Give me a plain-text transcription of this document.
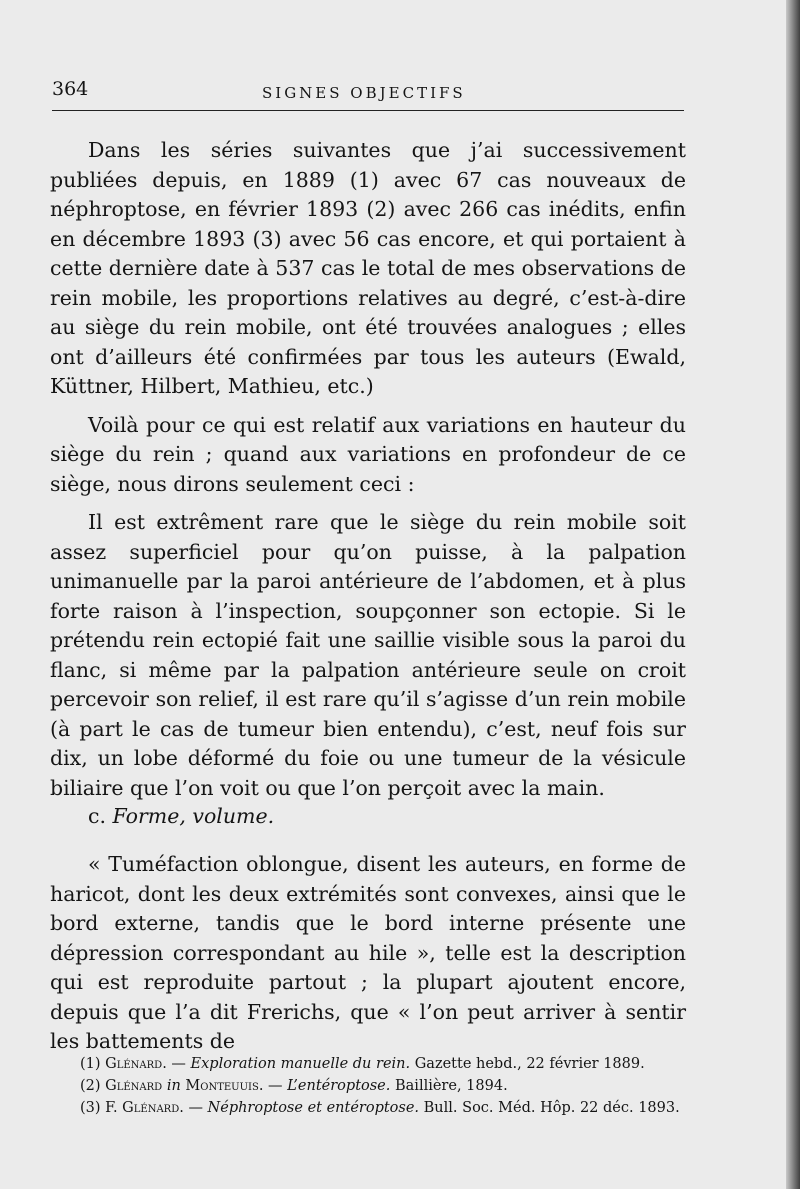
364	SIGNES OBJECTIFS

Dans les séries suivantes que j’ai successivement publiées depuis, en 1889 (1) avec 67 cas nouveaux de néphroptose, en février 1893 (2) avec 266 cas inédits, enfin en décembre 1893 (3) avec 56 cas encore, et qui portaient à cette dernière date à 537 cas le total de mes observations de rein mobile, les proportions relatives au degré, c’est-à-dire au siège du rein mobile, ont été trouvées analogues ; elles ont d’ailleurs été confirmées par tous les auteurs (Ewald, Küttner, Hilbert, Mathieu, etc.)

Voilà pour ce qui est relatif aux variations en hauteur du siège du rein ; quand aux variations en profondeur de ce siège, nous dirons seulement ceci :

Il est extrêment rare que le siège du rein mobile soit assez superficiel pour qu’on puisse, à la palpation unimanuelle par la paroi antérieure de l’abdomen, et à plus forte raison à l’inspection, soupçonner son ectopie. Si le prétendu rein ectopié fait une saillie visible sous la paroi du flanc, si même par la palpation antérieure seule on croit percevoir son relief, il est rare qu’il s’agisse d’un rein mobile (à part le cas de tumeur bien entendu), c’est, neuf fois sur dix, un lobe déformé du foie ou une tumeur de la vésicule biliaire que l’on voit ou que l’on perçoit avec la main.

c. Forme, volume.

« Tuméfaction oblongue, disent les auteurs, en forme de haricot, dont les deux extrémités sont convexes, ainsi que le bord externe, tandis que le bord interne présente une dépression correspondant au hile », telle est la description qui est reproduite partout ; la plupart ajoutent encore, depuis que l’a dit Frerichs, que « l’on peut arriver à sentir les battements de

(1) Glénard. — Exploration manuelle du rein. Gazette hebd., 22 février 1889.

(2) Glénard in Monteuuis. — L’entéroptose. Baillière, 1894.

(3) F. Glénard. — Néphroptose et entéroptose. Bull. Soc. Méd. Hôp. 22 déc. 1893.
